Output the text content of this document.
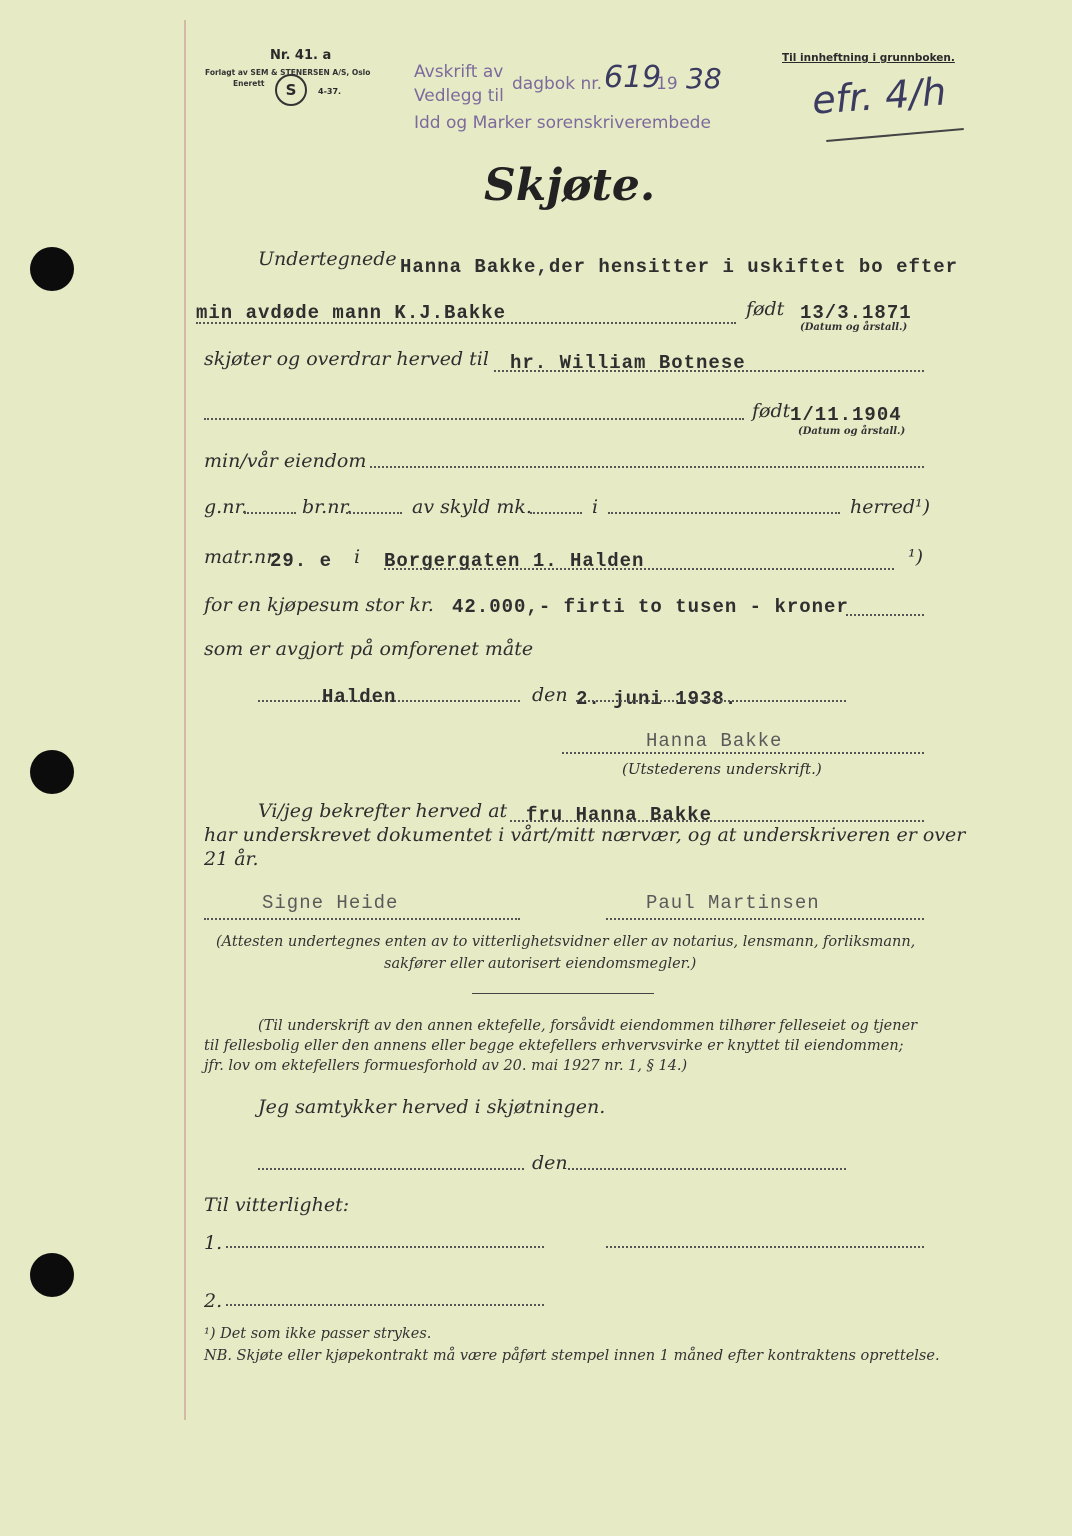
Nr. 41. a
Forlagt av SEM & STENERSEN A/S, Oslo
Enerett	S	4-37.
Avskrift av
Vedlegg til
dagbok nr. 619
19 38
Idd og Marker sorenskriverembede
Til innheftning i grunnboken.
efr. 4/h
Skjøte.
Undertegnede Hanna Bakke,der hensitter i uskiftet bo efter
min avdøde mann K.J.Bakke	født 13/3.1871
(Datum og årstall.)
skjøter og overdrar herved til hr. William Botnese
født 1/11.1904
(Datum og årstall.)
min/vår eiendom
g.nr.	br.nr.	av skyld mk.	i	herred¹)
matr.nr
29. e i Borgergaten 1. Halden	¹)
for en kjøpesum stor kr. 42.000,- firti to tusen - kroner
som er avgjort på omforenet måte
Halden	den 2. juni 1938.
Hanna Bakke
(Utstederens underskrift.)
Vi/jeg bekrefter herved at fru Hanna Bakke
har underskrevet dokumentet i vårt/mitt nærvær, og at underskriveren er over
21 år.
Signe Heide	Paul Martinsen
(Attesten undertegnes enten av to vitterlighetsvidner eller av notarius, lensmann, forliksmann,
sakfører eller autorisert eiendomsmegler.)
(Til underskrift av den annen ektefelle, forsåvidt eiendommen tilhører felleseiet og tjener
til fellesbolig eller den annens eller begge ektefellers erhvervsvirke er knyttet til eiendommen;
jfr. lov om ektefellers formuesforhold av 20. mai 1927 nr. 1, § 14.)
Jeg samtykker herved i skjøtningen.
den
Til vitterlighet:
1.
2.
¹) Det som ikke passer strykes.
NB. Skjøte eller kjøpekontrakt må være påført stempel innen 1 måned efter kontraktens oprettelse.
